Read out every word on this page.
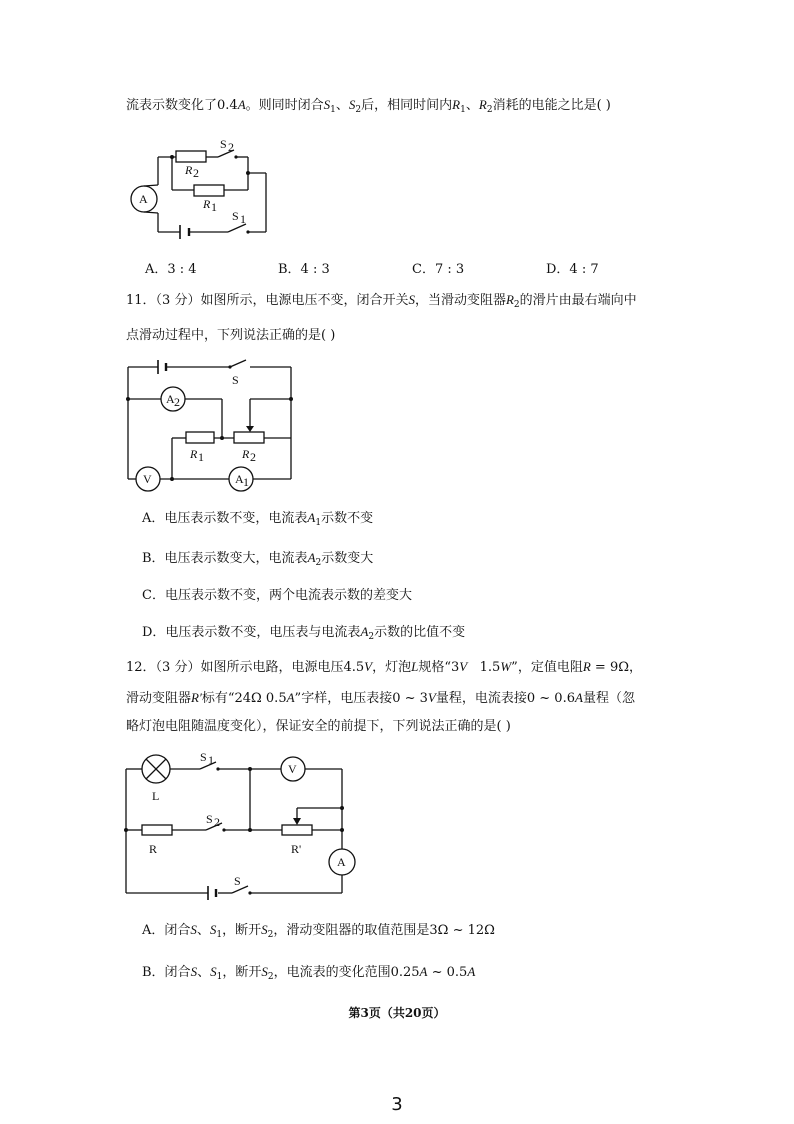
流表示数变化了0.4A。则同时闭合$S_1$、$S_2$后，相同时间内$R_1$、$R_2$消耗的电能之比是( )
A
S 2
R 2
R 1
S 1
A．3 : 4	B．4 : 3	C．7 : 3	D．4 : 7
11．（3 分）如图所示，电源电压不变，闭合开关S，当滑动变阻器$R_2$的滑片由最右端向中
点滑动过程中，下列说法正确的是( )
A 2
V	A 1
S
R 1	R 2
A．电压表示数不变，电流表$A_1$示数不变
B．电压表示数变大，电流表$A_2$示数变大
C．电压表示数不变，两个电流表示数的差变大
D．电压表示数不变，电压表与电流表$A_2$示数的比值不变
12．（3 分）如图所示电路，电源电压4.5V，灯泡L规格“3V 1.5W”，定值电阻R = 9Ω，
滑动变阻器R′标有“24Ω 0.5A”字样，电压表接0 ~ 3V量程，电流表接0 ~ 0.6A量程（忽
略灯泡电阻随温度变化），保证安全的前提下，下列说法正确的是( )
V
A
L
S 1
S 2
R	R'
S
A．闭合S、$S_1$，断开$S_2$，滑动变阻器的取值范围是3Ω ~ 12Ω
B．闭合S、$S_1$，断开$S_2$，电流表的变化范围0.25A ~ 0.5A
第3页（共20页）
3
